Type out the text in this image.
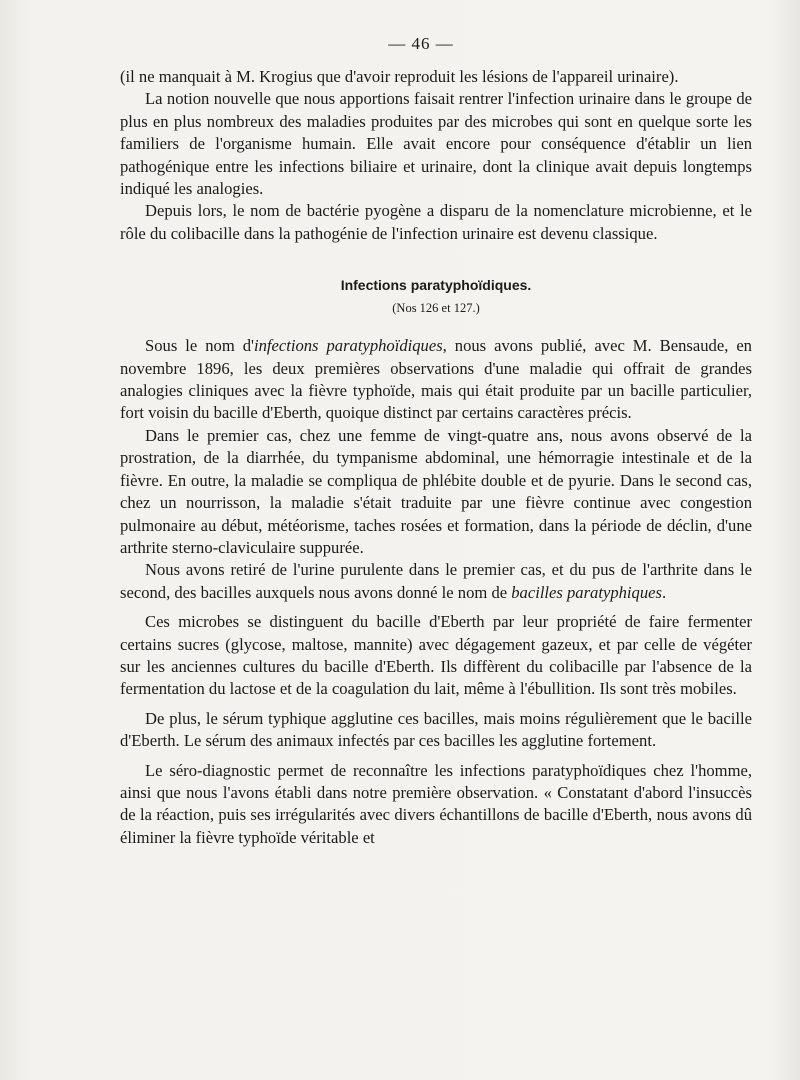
— 46 —

(il ne manquait à M. Krogius que d'avoir reproduit les lésions de l'appareil urinaire).

La notion nouvelle que nous apportions faisait rentrer l'infection urinaire dans le groupe de plus en plus nombreux des maladies produites par des microbes qui sont en quelque sorte les familiers de l'organisme humain. Elle avait encore pour conséquence d'établir un lien pathogénique entre les infections biliaire et urinaire, dont la clinique avait depuis longtemps indiqué les analogies.

Depuis lors, le nom de bactérie pyogène a disparu de la nomenclature microbienne, et le rôle du colibacille dans la pathogénie de l'infection urinaire est devenu classique.

Infections paratyphoïdiques.

(Nos 126 et 127.)

Sous le nom d'infections paratyphoïdiques, nous avons publié, avec M. Bensaude, en novembre 1896, les deux premières observations d'une maladie qui offrait de grandes analogies cliniques avec la fièvre typhoïde, mais qui était produite par un bacille particulier, fort voisin du bacille d'Eberth, quoique distinct par certains caractères précis.

Dans le premier cas, chez une femme de vingt-quatre ans, nous avons observé de la prostration, de la diarrhée, du tympanisme abdominal, une hémorragie intestinale et de la fièvre. En outre, la maladie se compliqua de phlébite double et de pyurie. Dans le second cas, chez un nourrisson, la maladie s'était traduite par une fièvre continue avec congestion pulmonaire au début, météorisme, taches rosées et formation, dans la période de déclin, d'une arthrite sterno-claviculaire suppurée.

Nous avons retiré de l'urine purulente dans le premier cas, et du pus de l'arthrite dans le second, des bacilles auxquels nous avons donné le nom de bacilles paratyphiques.

Ces microbes se distinguent du bacille d'Eberth par leur propriété de faire fermenter certains sucres (glycose, maltose, mannite) avec dégagement gazeux, et par celle de végéter sur les anciennes cultures du bacille d'Eberth. Ils diffèrent du colibacille par l'absence de la fermentation du lactose et de la coagulation du lait, même à l'ébullition. Ils sont très mobiles.

De plus, le sérum typhique agglutine ces bacilles, mais moins régulièrement que le bacille d'Eberth. Le sérum des animaux infectés par ces bacilles les agglutine fortement.

Le séro-diagnostic permet de reconnaître les infections paratyphoïdiques chez l'homme, ainsi que nous l'avons établi dans notre première observation. « Constatant d'abord l'insuccès de la réaction, puis ses irrégularités avec divers échantillons de bacille d'Eberth, nous avons dû éliminer la fièvre typhoïde véritable et
